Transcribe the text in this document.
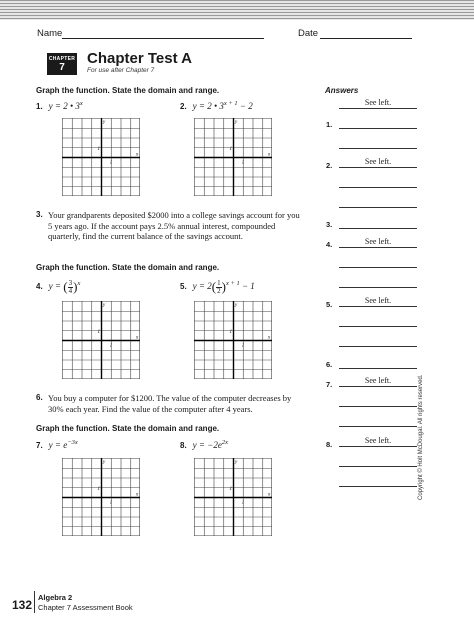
Name	Date
CHAPTER
7
Chapter Test A
For use after Chapter 7
Graph the function. State the domain and range.	Answers
1. y = 2 • 3$^x$	2. y = 2 • $3^{x + 1} - 2$
y
x
1
1
y
x
1
1
3. Your grandparents deposited $2000 into a college savings account for you 5 years ago. If the account pays 2.5% annual interest, compounded quarterly, find the current balance of the savings account.
Graph the function. State the domain and range.
4. y = ( $\frac{3}{4} )^x$	5. $y = 2( \frac{1}{2} )^{x + 1} - 1$
y
x
1
1
y
x
1
1
6. You buy a computer for $1200. The value of the computer decreases by 30% each year. Find the value of the computer after 4 years.
Graph the function. State the domain and range.
7. $y = e^{-3x}$	8. $y = -2e^{2x}$
y
x
1
1
y
x
1
1
1.
See left.
2.	See left.
3.
4.	See left.
5.	See left.
6.
7.	See left.
8.	See left.	Copyright © Holt McDougal. All rights reserved.
132
Algebra 2
Chapter 7 Assessment Book
